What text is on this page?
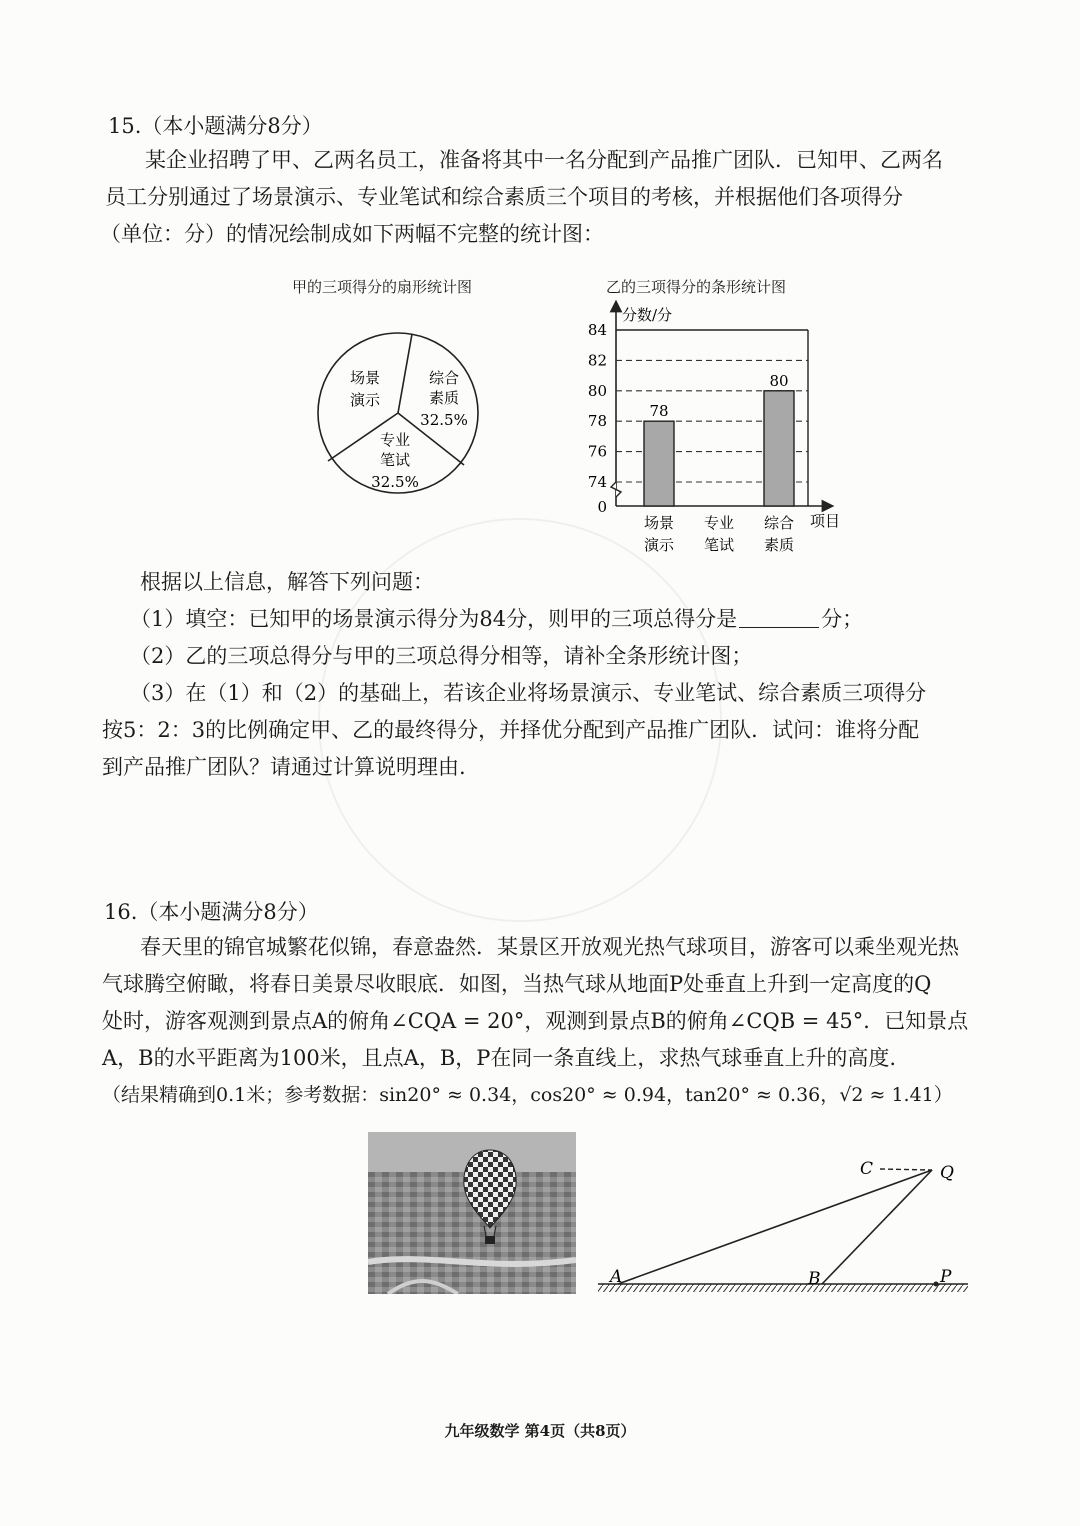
15.（本小题满分8分）
某企业招聘了甲、乙两名员工，准备将其中一名分配到产品推广团队．已知甲、乙两名
员工分别通过了场景演示、专业笔试和综合素质三个项目的考核，并根据他们各项得分
（单位：分）的情况绘制成如下两幅不完整的统计图：
甲的三项得分的扇形统计图
场景
演示
综合
素质
32.5%
专业
笔试
32.5%
乙的三项得分的条形统计图
84
82
80
78
76
74
0
分数/分
项目
78
80
场景
演示
专业
笔试
综合
素质
根据以上信息，解答下列问题：
（1）填空：已知甲的场景演示得分为84分，则甲的三项总得分是	分；
（2）乙的三项总得分与甲的三项总得分相等，请补全条形统计图；
（3）在（1）和（2）的基础上，若该企业将场景演示、专业笔试、综合素质三项得分
按5：2：3的比例确定甲、乙的最终得分，并择优分配到产品推广团队．试问：谁将分配
到产品推广团队？请通过计算说明理由.
16.（本小题满分8分）
春天里的锦官城繁花似锦，春意盎然．某景区开放观光热气球项目，游客可以乘坐观光热
气球腾空俯瞰，将春日美景尽收眼底．如图，当热气球从地面P处垂直上升到一定高度的Q
处时，游客观测到景点A的俯角∠CQA = 20°，观测到景点B的俯角∠CQB = 45°．已知景点
A，B的水平距离为100米，且点A，B，P在同一条直线上，求热气球垂直上升的高度.
（结果精确到0.1米；参考数据：sin20° ≈ 0.34，cos20° ≈ 0.94，tan20° ≈ 0.36，√2 ≈ 1.41）
C	Q
A	B	P
九年级数学 第4页（共8页）
